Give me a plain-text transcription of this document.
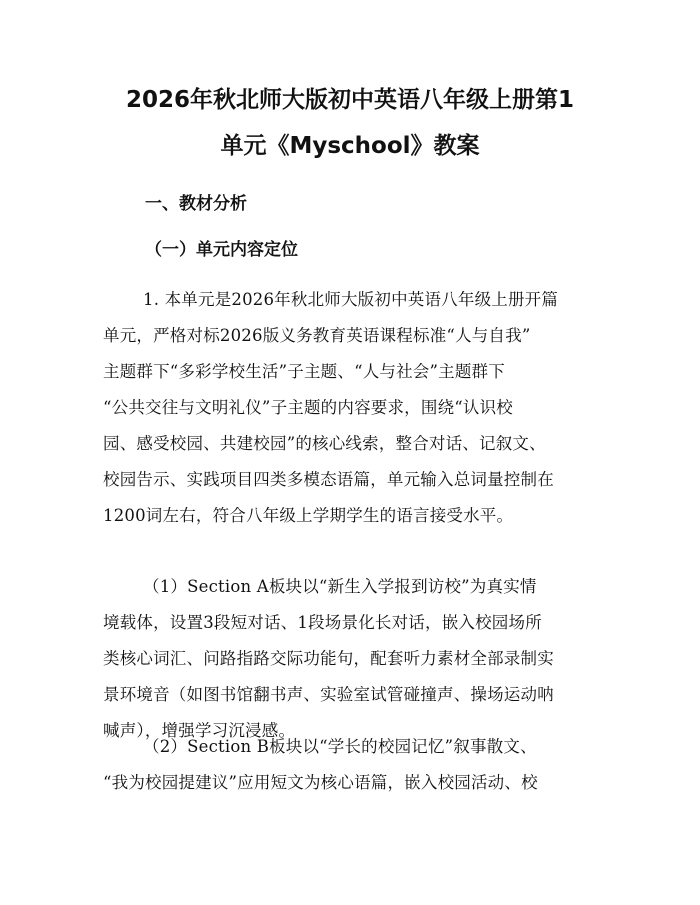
2026年秋北师大版初中英语八年级上册第1
单元《Myschool》教案
一、教材分析
（一）单元内容定位
1. 本单元是2026年秋北师大版初中英语八年级上册开篇
单元，严格对标2026版义务教育英语课程标准“人与自我”
主题群下“多彩学校生活”子主题、“人与社会”主题群下
“公共交往与文明礼仪”子主题的内容要求，围绕“认识校
园、感受校园、共建校园”的核心线索，整合对话、记叙文、
校园告示、实践项目四类多模态语篇，单元输入总词量控制在
1200词左右，符合八年级上学期学生的语言接受水平。
（1）Section A板块以“新生入学报到访校”为真实情
境载体，设置3段短对话、1段场景化长对话，嵌入校园场所
类核心词汇、问路指路交际功能句，配套听力素材全部录制实
景环境音（如图书馆翻书声、实验室试管碰撞声、操场运动呐
喊声），增强学习沉浸感。
（2）Section B板块以“学长的校园记忆”叙事散文、
“我为校园提建议”应用短文为核心语篇，嵌入校园活动、校
